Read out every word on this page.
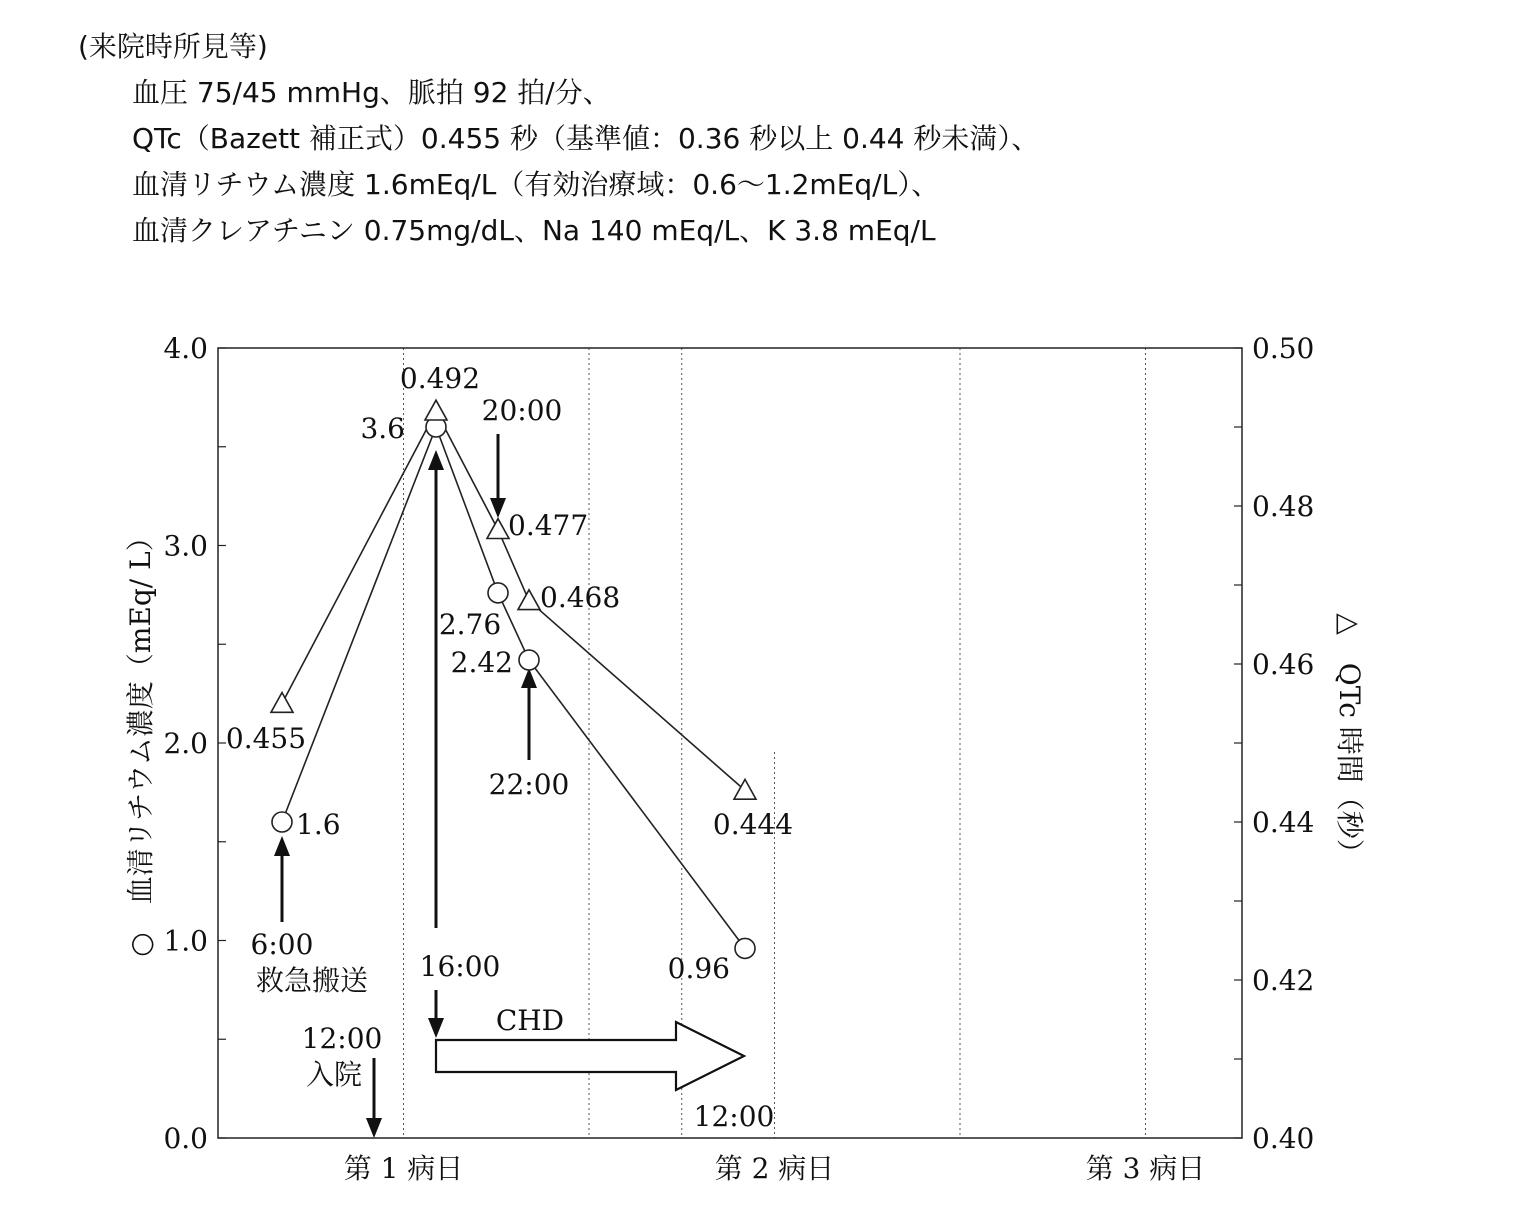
(来院時所見等)
血圧 75/45 mmHg、脈拍 92 拍/分、
QTc（Bazett 補正式）0.455 秒（基準値：0.36 秒以上 0.44 秒未満）、
血清リチウム濃度 1.6mEq/L（有効治療域：0.6〜1.2mEq/L）、
血清クレアチニン 0.75mg/dL、Na 140 mEq/L、K 3.8 mEq/L
0.0
1.0
2.0
3.0
4.0
0.40
0.42
0.44
0.46
0.48
0.50
第 1 病日	第 2 病日	第 3 病日
○　血清リチウム濃度（mEq/ L）	△　QTc 時間（秒）
1.6
3.6
2.76
2.42
0.96
0.455
0.492
0.477
0.468
0.444
6:00
救急搬送
12:00
入院
16:00
20:00
22:00
CHD
12:00
